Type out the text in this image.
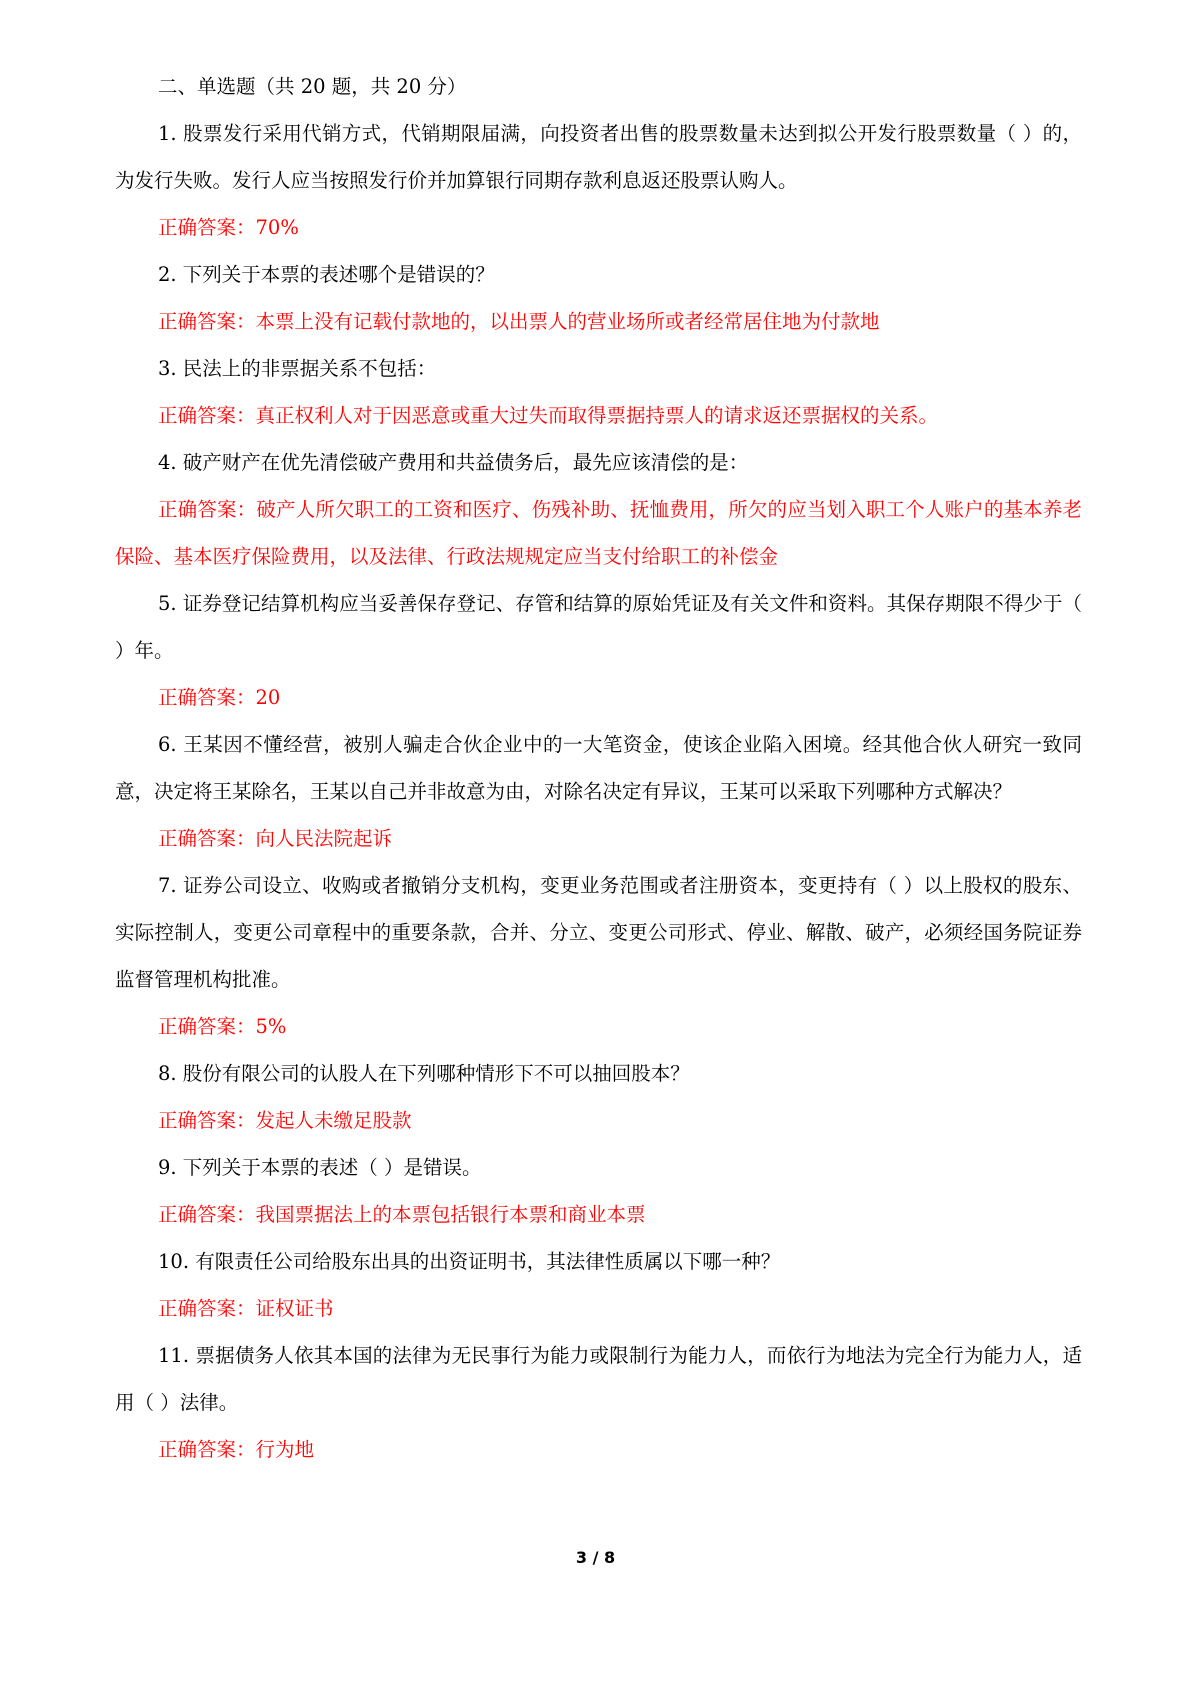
二、单选题（共 20 题，共 20 分）

1. 股票发行采用代销方式，代销期限届满，向投资者出售的股票数量未达到拟公开发行股票数量（ ）的，为发行失败。发行人应当按照发行价并加算银行同期存款利息返还股票认购人。

正确答案：70%

2. 下列关于本票的表述哪个是错误的？

正确答案：本票上没有记载付款地的，以出票人的营业场所或者经常居住地为付款地

3. 民法上的非票据关系不包括：

正确答案：真正权利人对于因恶意或重大过失而取得票据持票人的请求返还票据权的关系。

4. 破产财产在优先清偿破产费用和共益债务后，最先应该清偿的是：

正确答案：破产人所欠职工的工资和医疗、伤残补助、抚恤费用，所欠的应当划入职工个人账户的基本养老保险、基本医疗保险费用，以及法律、行政法规规定应当支付给职工的补偿金

5. 证券登记结算机构应当妥善保存登记、存管和结算的原始凭证及有关文件和资料。其保存期限不得少于（ ）年。

正确答案：20

6. 王某因不懂经营，被别人骗走合伙企业中的一大笔资金，使该企业陷入困境。经其他合伙人研究一致同意，决定将王某除名，王某以自己并非故意为由，对除名决定有异议，王某可以采取下列哪种方式解决？

正确答案：向人民法院起诉

7. 证券公司设立、收购或者撤销分支机构，变更业务范围或者注册资本，变更持有（ ）以上股权的股东、实际控制人，变更公司章程中的重要条款，合并、分立、变更公司形式、停业、解散、破产，必须经国务院证券监督管理机构批准。

正确答案：5%

8. 股份有限公司的认股人在下列哪种情形下不可以抽回股本？

正确答案：发起人未缴足股款

9. 下列关于本票的表述（ ）是错误。

正确答案：我国票据法上的本票包括银行本票和商业本票

10. 有限责任公司给股东出具的出资证明书，其法律性质属以下哪一种？

正确答案：证权证书

11. 票据债务人依其本国的法律为无民事行为能力或限制行为能力人，而依行为地法为完全行为能力人，适用（ ）法律。

正确答案：行为地

3 / 8
